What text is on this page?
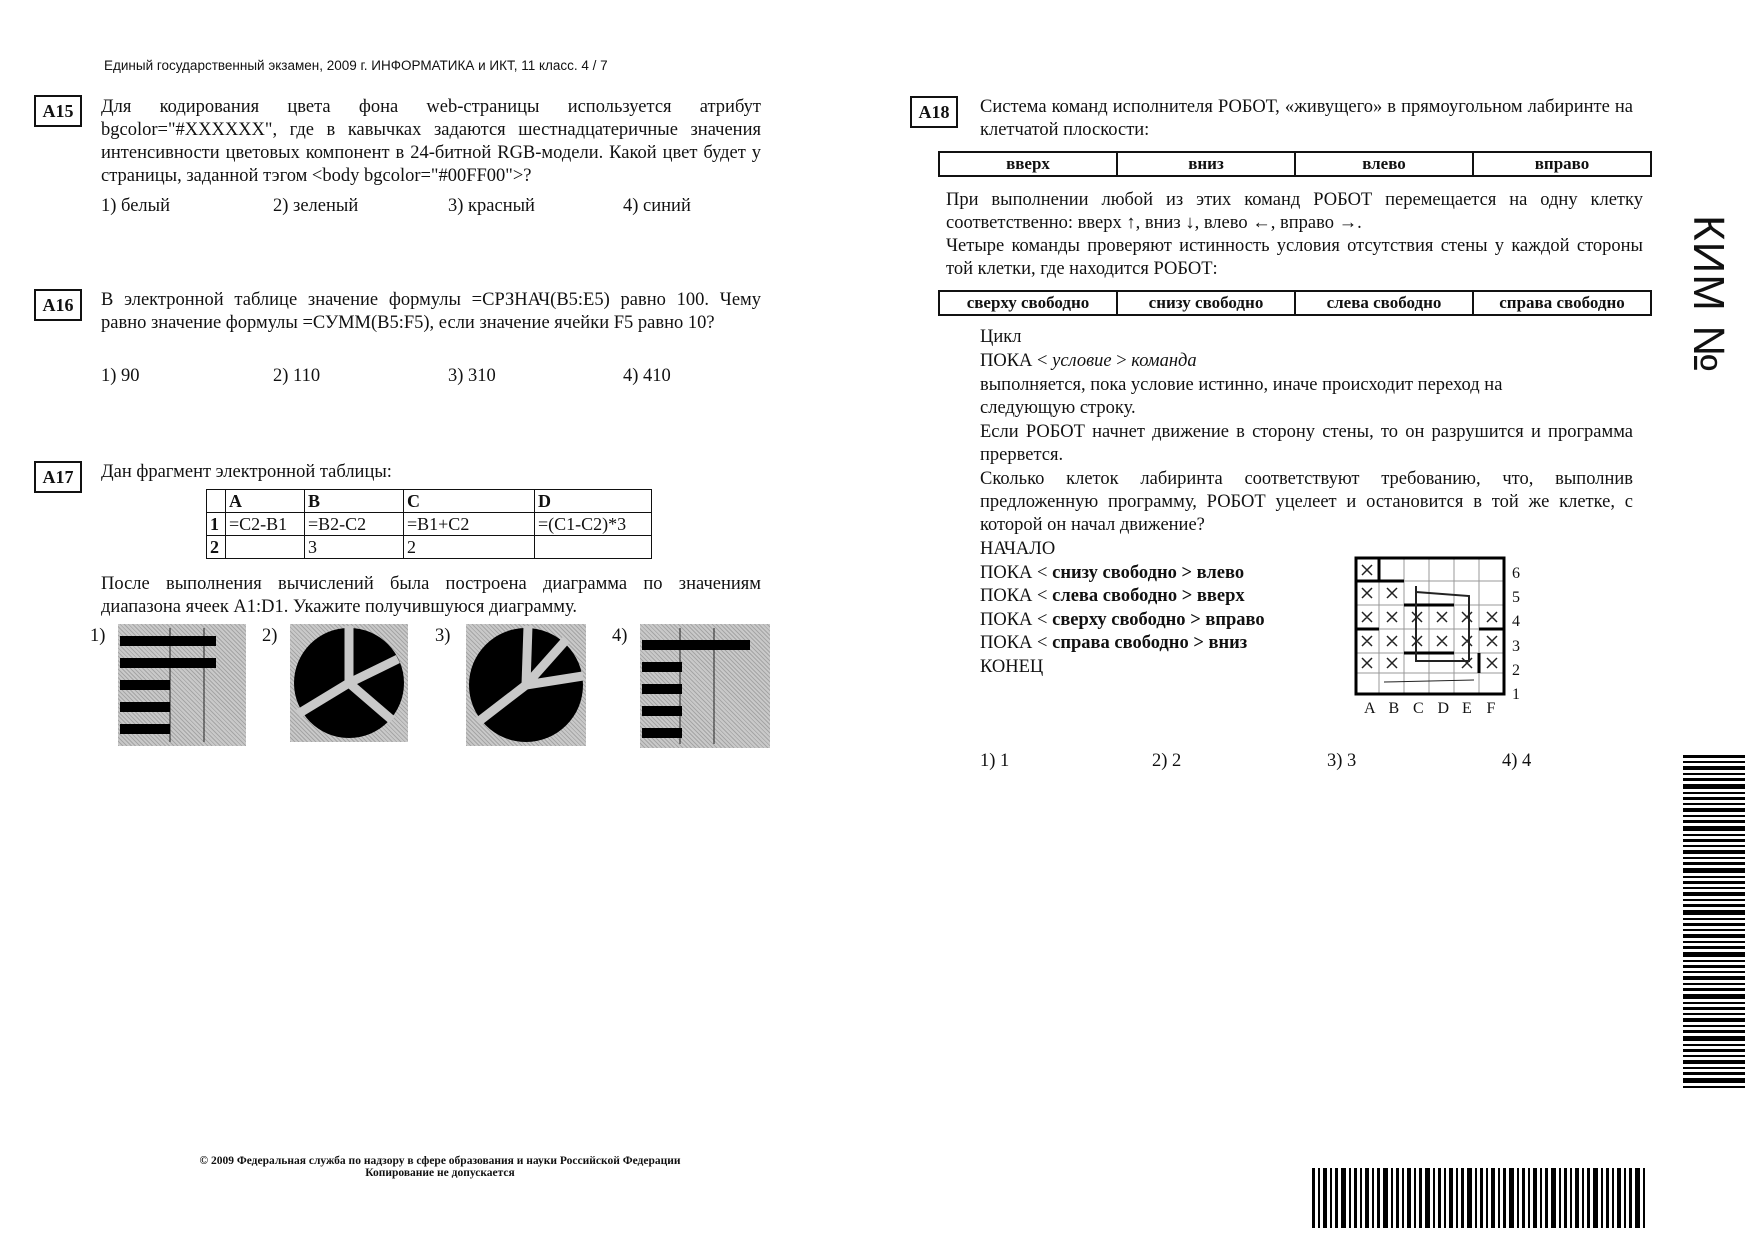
Единый государственный экзамен, 2009 г. ИНФОРМАТИКА и ИКТ, 11 класс. 4 / 7
A15	Для кодирования цвета фона web-страницы используется атрибут bgcolor="#XXXXXX", где в кавычках задаются шестнадцатеричные значения интенсивности цветовых компонент в 24-битной RGB-модели. Какой цвет будет у страницы, заданной тэгом <body bgcolor="#00FF00">?
1) белый	2) зеленый	3) красный	4) синий
A16	В электронной таблице значение формулы =СРЗНАЧ(B5:E5) равно 100. Чему равно значение формулы =СУММ(B5:F5), если значение ячейки F5 равно 10?
1) 90	2) 110	3) 310	4) 410
A17	Дан фрагмент электронной таблицы:
	A	B	C	D
1	=C2-B1	=B2-C2	=B1+C2	=(C1-C2)*3
2		3	2	
После выполнения вычислений была построена диаграмма по значениям диапазона ячеек A1:D1. Укажите получившуюся диаграмму.
1)	2)	3)	4)
A18	Система команд исполнителя РОБОТ, «живущего» в прямоугольном лабиринте на клетчатой плоскости:
вверх	вниз	влево	вправо
При выполнении любой из этих команд РОБОТ перемещается на одну клетку соответственно: вверх ↑, вниз ↓, влево ←, вправо →.
Четыре команды проверяют истинность условия отсутствия стены у каждой стороны той клетки, где находится РОБОТ:
сверху свободно	снизу свободно	слева свободно	справа свободно
Цикл
ПОКА < условие > команда
выполняется, пока условие истинно, иначе происходит переход на следующую строку.
Если РОБОТ начнет движение в сторону стены, то он разрушится и программа прервется.
Сколько клеток лабиринта соответствуют требованию, что, выполнив предложенную программу, РОБОТ уцелеет и остановится в той же клетке, с которой он начал движение?
НАЧАЛО
ПОКА < снизу свободно > влево
ПОКА < слева свободно > вверх
ПОКА < сверху свободно > вправо
ПОКА < справа свободно > вниз
КОНЕЦ
6
5
4
3
2
1
A B C D E F
1) 1	2) 2	3) 3	4) 4
КИМ №
© 2009 Федеральная служба по надзору в сфере образования и науки Российской Федерации
Копирование не допускается
